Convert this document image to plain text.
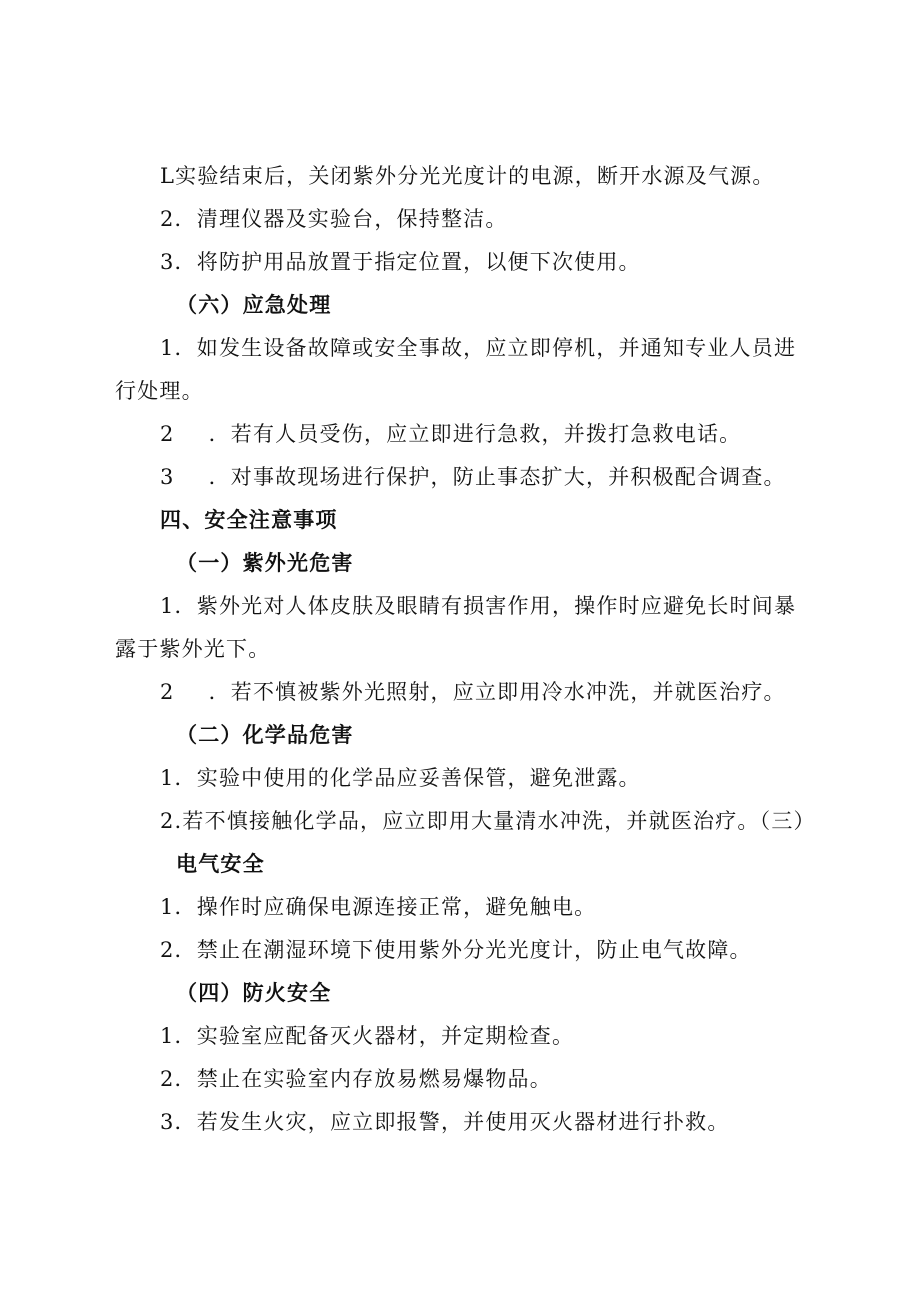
L实验结束后，关闭紫外分光光度计的电源，断开水源及气源。
2．清理仪器及实验台，保持整洁。
3．将防护用品放置于指定位置，以便下次使用。
（六）应急处理
1．如发生设备故障或安全事故，应立即停机，并通知专业人员进
行处理。
2 ．若有人员受伤，应立即进行急救，并拨打急救电话。
3 ．对事故现场进行保护，防止事态扩大，并积极配合调查。
四、安全注意事项
（一）紫外光危害
1．紫外光对人体皮肤及眼睛有损害作用，操作时应避免长时间暴
露于紫外光下。
2 ．若不慎被紫外光照射，应立即用冷水冲洗，并就医治疗。
（二）化学品危害
1．实验中使用的化学品应妥善保管，避免泄露。
2.若不慎接触化学品，应立即用大量清水冲洗，并就医治疗。（三）
电气安全
1．操作时应确保电源连接正常，避免触电。
2．禁止在潮湿环境下使用紫外分光光度计，防止电气故障。
（四）防火安全
1．实验室应配备灭火器材，并定期检查。
2．禁止在实验室内存放易燃易爆物品。
3．若发生火灾，应立即报警，并使用灭火器材进行扑救。
